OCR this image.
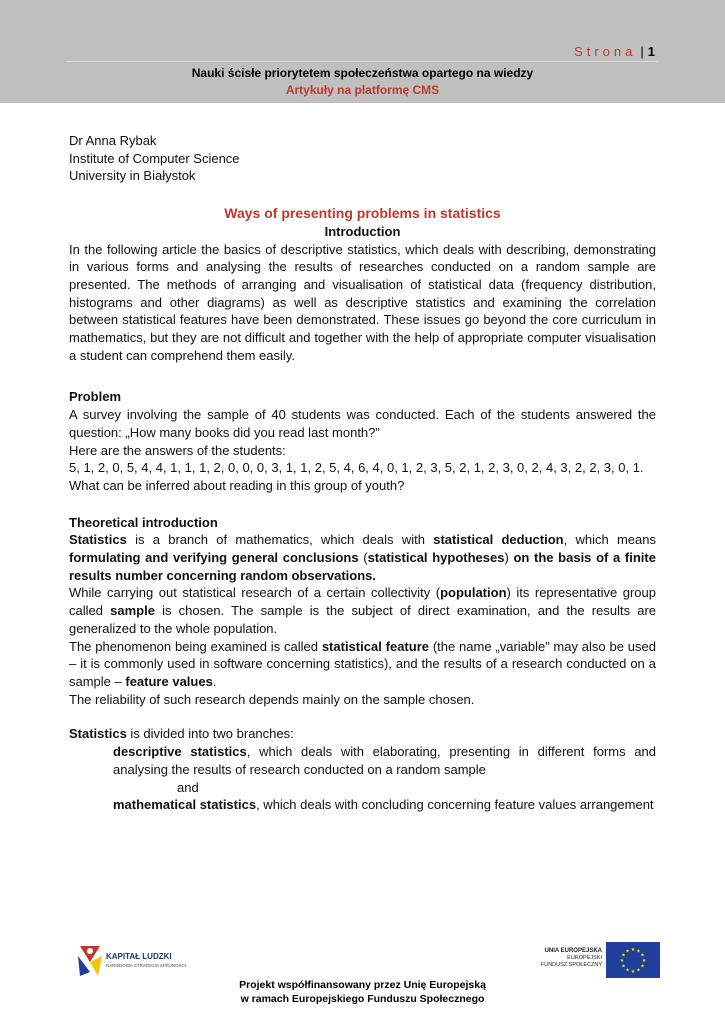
Strona | 1
Nauki ścisłe priorytetem społeczeństwa opartego na wiedzy
Artykuły na platformę CMS

Dr Anna Rybak

Institute of Computer Science

University in Białystok

Ways of presenting problems in statistics

Introduction

In the following article the basics of descriptive statistics, which deals with describing, demonstrating in various forms and analysing the results of researches conducted on a random sample are presented. The methods of arranging and visualisation of statistical data (frequency distribution, histograms and other diagrams) as well as descriptive statistics and examining the correlation between statistical features have been demonstrated. These issues go beyond the core curriculum in mathematics, but they are not difficult and together with the help of appropriate computer visualisation a student can comprehend them easily.

Problem

A survey involving the sample of 40 students was conducted. Each of the students answered the question: „How many books did you read last month?”

Here are the answers of the students:

5, 1, 2, 0, 5, 4, 4, 1, 1, 1, 2, 0, 0, 0, 3, 1, 1, 2, 5, 4, 6, 4, 0, 1, 2, 3, 5, 2, 1, 2, 3, 0, 2, 4, 3, 2, 2, 3, 0, 1.

What can be inferred about reading in this group of youth?

Theoretical introduction

Statistics is a branch of mathematics, which deals with statistical deduction, which means formulating and verifying general conclusions (statistical hypotheses) on the basis of a finite results number concerning random observations.

While carrying out statistical research of a certain collectivity (population) its representative group called sample is chosen. The sample is the subject of direct examination, and the results are generalized to the whole population.

The phenomenon being examined is called statistical feature (the name „variable” may also be used – it is commonly used in software concerning statistics), and the results of a research conducted on a sample – feature values.

The reliability of such research depends mainly on the sample chosen.

Statistics is divided into two branches:

descriptive statistics, which deals with elaborating, presenting in different forms and analysing the results of research conducted on a random sample

and

mathematical statistics, which deals with concluding concerning feature values arrangement

KAPITAŁ LUDZKI
NARODOWA STRATEGIA SPÓJNOŚCI
UNIA EUROPEJSKA
EUROPEJSKI
FUNDUSZ SPOŁECZNY
★
★
★
★
★
★
★
★
★ ★ ★
★
Projekt współfinansowany przez Unię Europejską
w ramach Europejskiego Funduszu Społecznego
